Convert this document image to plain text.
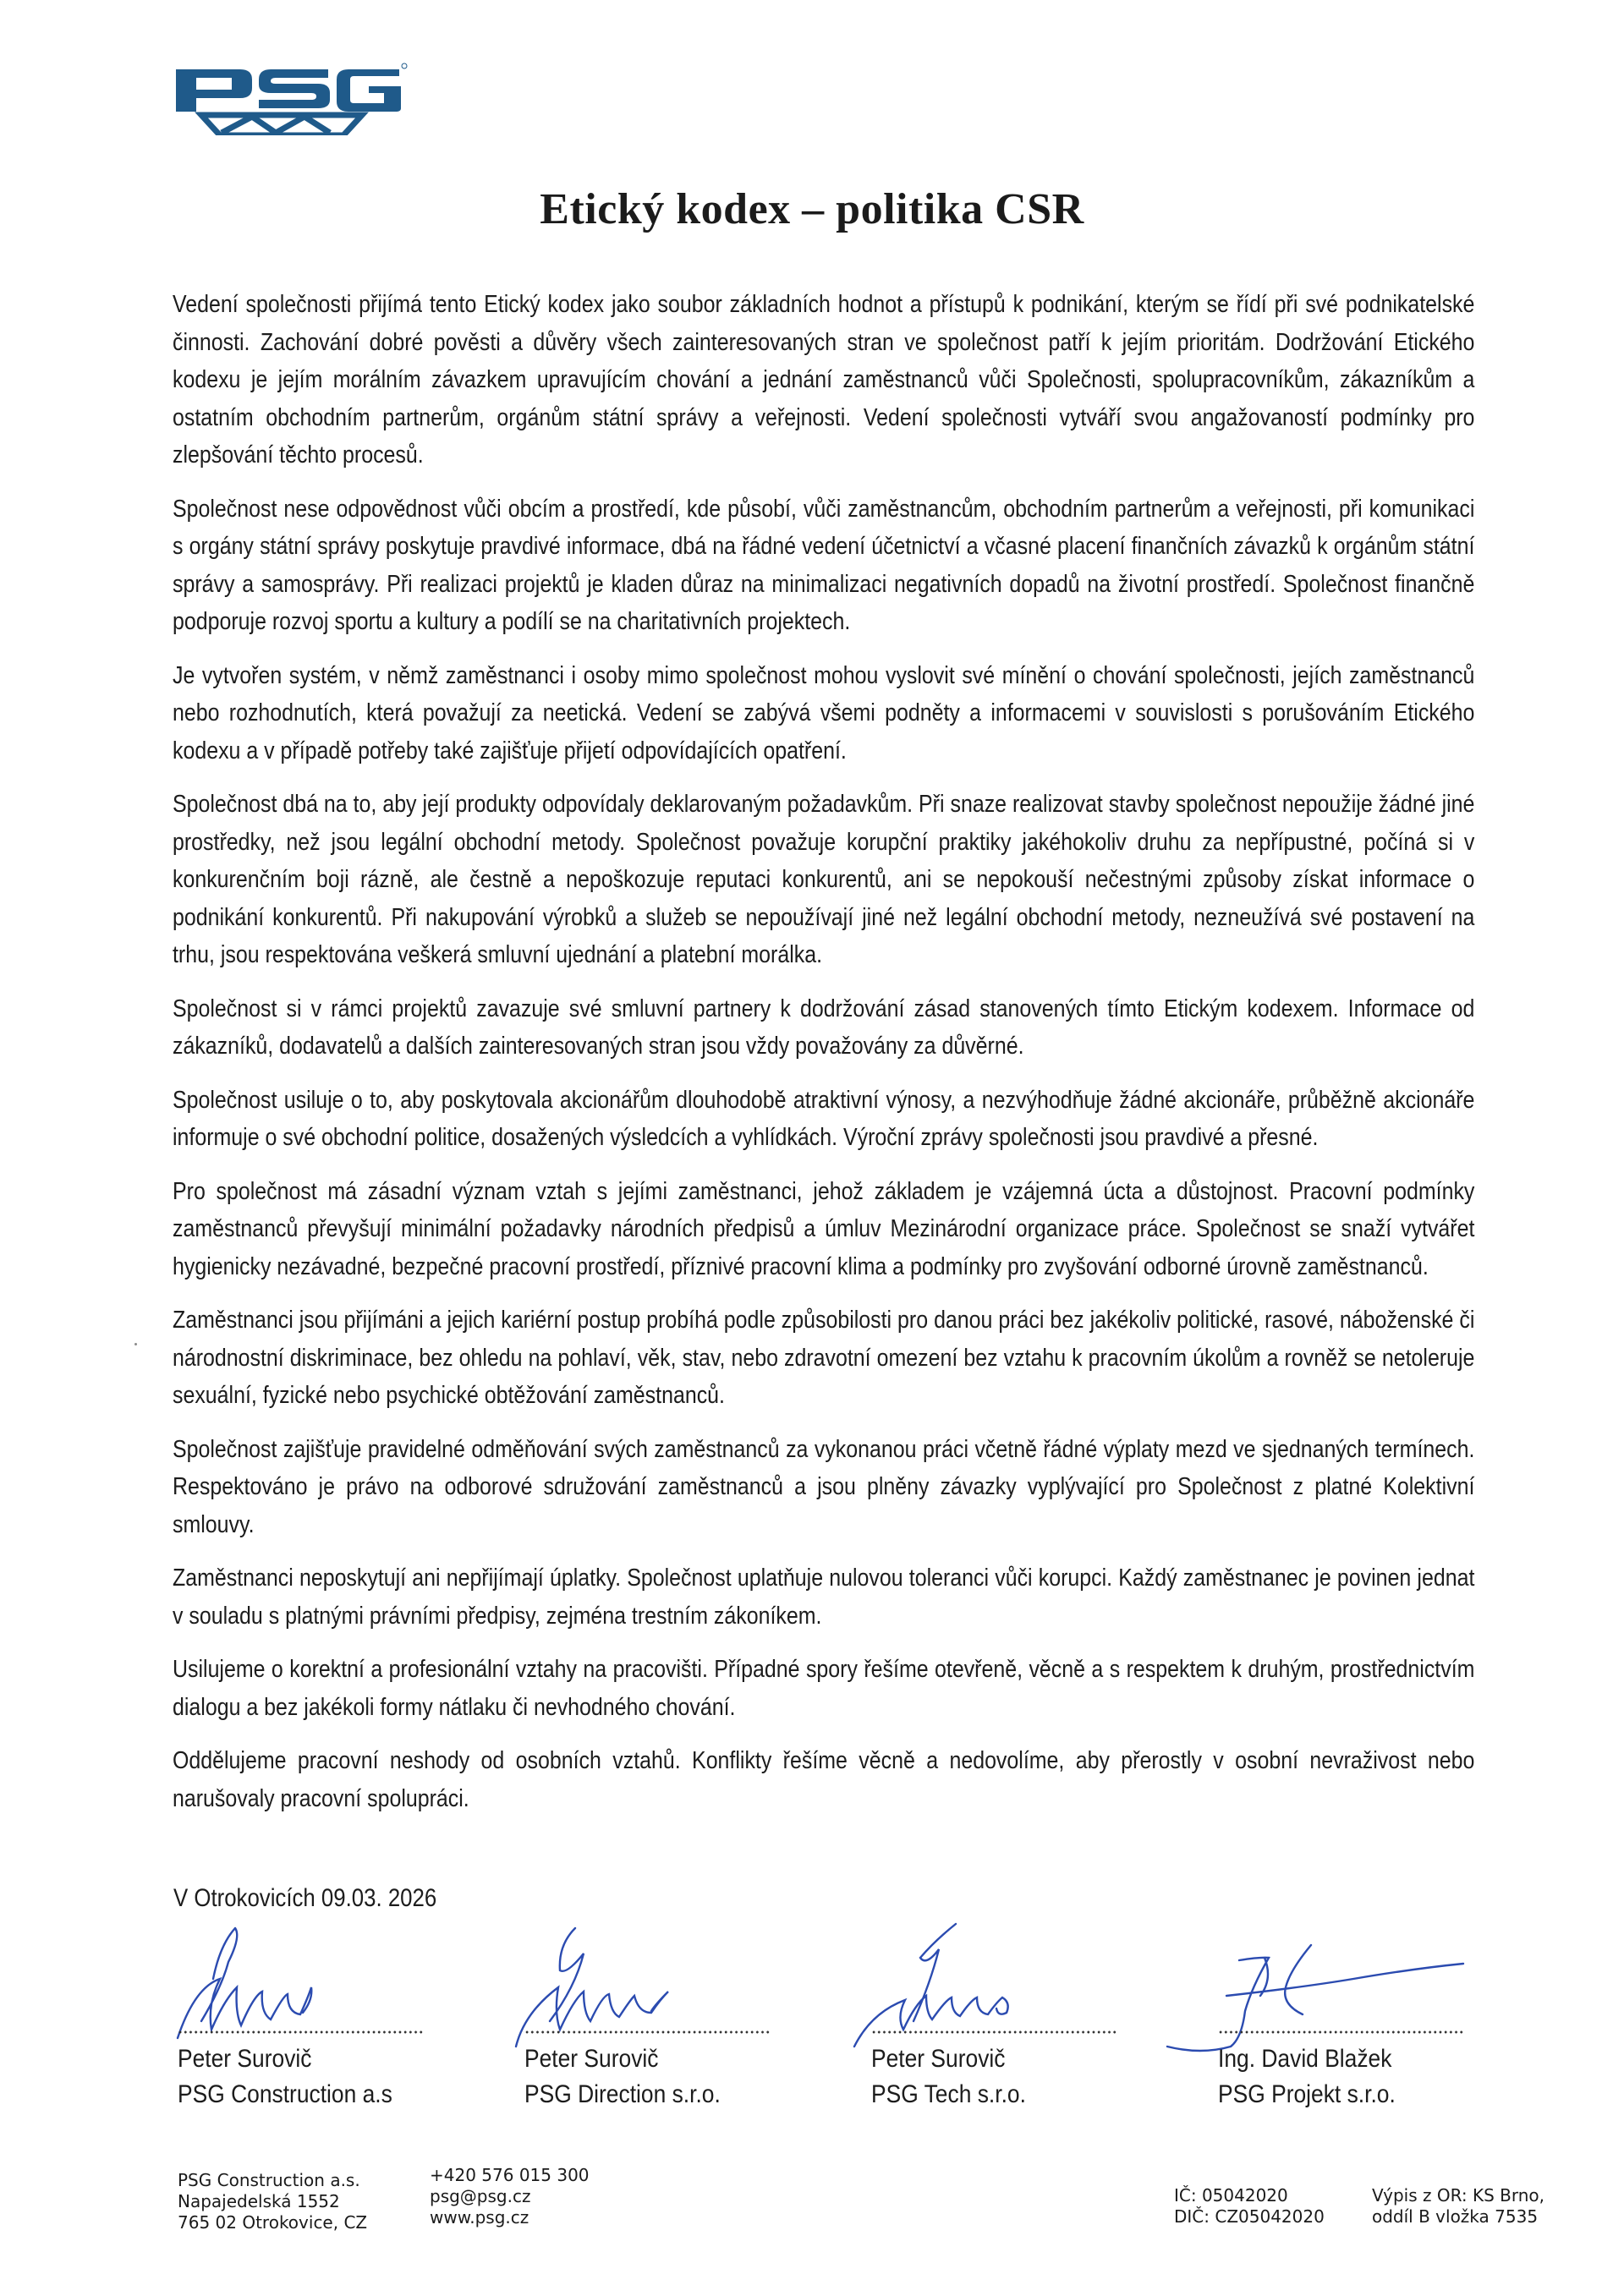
Etický kodex – politika CSR

Vedení společnosti přijímá tento Etický kodex jako soubor základních hodnot a přístupů k podnikání, kterým se řídí při své podnikatelské činnosti. Zachování dobré pověsti a důvěry všech zainteresovaných stran ve společnost patří k jejím prioritám. Dodržování Etického kodexu je jejím morálním závazkem upravujícím chování a jednání zaměstnanců vůči Společnosti, spolupracovníkům, zákazníkům a ostatním obchodním partnerům, orgánům státní správy a veřejnosti. Vedení společnosti vytváří svou angažovaností podmínky pro zlepšování těchto procesů.

Společnost nese odpovědnost vůči obcím a prostředí, kde působí, vůči zaměstnancům, obchodním partnerům a veřejnosti, při komunikaci s orgány státní správy poskytuje pravdivé informace, dbá na řádné vedení účetnictví a včasné placení finančních závazků k orgánům státní správy a samosprávy. Při realizaci projektů je kladen důraz na minimalizaci negativních dopadů na životní prostředí. Společnost finančně podporuje rozvoj sportu a kultury a podílí se na charitativních projektech.

Je vytvořen systém, v němž zaměstnanci i osoby mimo společnost mohou vyslovit své mínění o chování společnosti, jejích zaměstnanců nebo rozhodnutích, která považují za neetická. Vedení se zabývá všemi podněty a informacemi v souvislosti s porušováním Etického kodexu a v případě potřeby také zajišťuje přijetí odpovídajících opatření.

Společnost dbá na to, aby její produkty odpovídaly deklarovaným požadavkům. Při snaze realizovat stavby společnost nepoužije žádné jiné prostředky, než jsou legální obchodní metody. Společnost považuje korupční praktiky jakéhokoliv druhu za nepřípustné, počíná si v konkurenčním boji rázně, ale čestně a nepoškozuje reputaci konkurentů, ani se nepokouší nečestnými způsoby získat informace o podnikání konkurentů. Při nakupování výrobků a služeb se nepoužívají jiné než legální obchodní metody, nezneužívá své postavení na trhu, jsou respektována veškerá smluvní ujednání a platební morálka.

Společnost si v rámci projektů zavazuje své smluvní partnery k dodržování zásad stanovených tímto Etickým kodexem. Informace od zákazníků, dodavatelů a dalších zainteresovaných stran jsou vždy považovány za důvěrné.

Společnost usiluje o to, aby poskytovala akcionářům dlouhodobě atraktivní výnosy, a nezvýhodňuje žádné akcionáře, průběžně akcionáře informuje o své obchodní politice, dosažených výsledcích a vyhlídkách. Výroční zprávy společnosti jsou pravdivé a přesné.

Pro společnost má zásadní význam vztah s jejími zaměstnanci, jehož základem je vzájemná úcta a důstojnost. Pracovní podmínky zaměstnanců převyšují minimální požadavky národních předpisů a úmluv Mezinárodní organizace práce. Společnost se snaží vytvářet hygienicky nezávadné, bezpečné pracovní prostředí, příznivé pracovní klima a podmínky pro zvyšování odborné úrovně zaměstnanců.

Zaměstnanci jsou přijímáni a jejich kariérní postup probíhá podle způsobilosti pro danou práci bez jakékoliv politické, rasové, náboženské či národnostní diskriminace, bez ohledu na pohlaví, věk, stav, nebo zdravotní omezení bez vztahu k pracovním úkolům a rovněž se netoleruje sexuální, fyzické nebo psychické obtěžování zaměstnanců.

Společnost zajišťuje pravidelné odměňování svých zaměstnanců za vykonanou práci včetně řádné výplaty mezd ve sjednaných termínech. Respektováno je právo na odborové sdružování zaměstnanců a jsou plněny závazky vyplývající pro Společnost z platné Kolektivní smlouvy.

Zaměstnanci neposkytují ani nepřijímají úplatky. Společnost uplatňuje nulovou toleranci vůči korupci. Každý zaměstnanec je povinen jednat v souladu s platnými právními předpisy, zejména trestním zákoníkem.

Usilujeme o korektní a profesionální vztahy na pracovišti. Případné spory řešíme otevřeně, věcně a s respektem k druhým, prostřednictvím dialogu a bez jakékoli formy nátlaku či nevhodného chování.

Oddělujeme pracovní neshody od osobních vztahů. Konflikty řešíme věcně a nedovolíme, aby přerostly v osobní nevraživost nebo narušovaly pracovní spolupráci.

V Otrokovicích 09.03. 2026
Peter Surovič
PSG Construction a.s
Peter Surovič
PSG Direction s.r.o.
Peter Surovič
PSG Tech s.r.o.
Ing. David Blažek
PSG Projekt s.r.o.
PSG Construction a.s.
Napajedelská 1552
765 02 Otrokovice, CZ
+420 576 015 300
psg@psg.cz
www.psg.cz
IČ: 05042020
DIČ: CZ05042020
Výpis z OR: KS Brno,
oddíl B vložka 7535
